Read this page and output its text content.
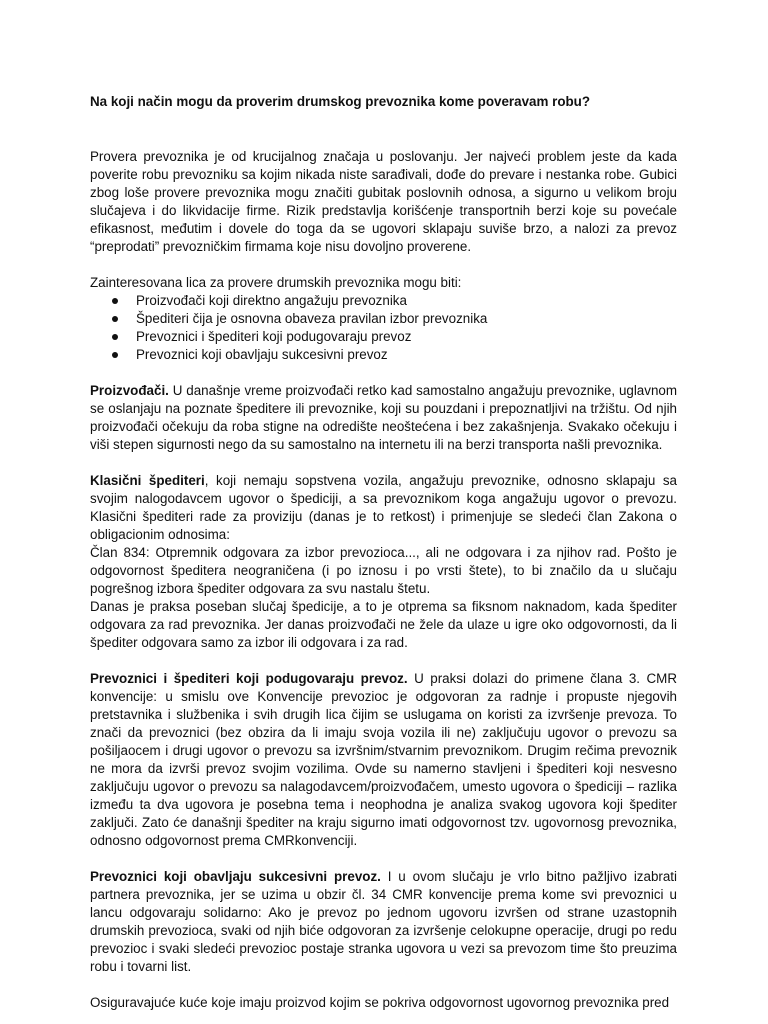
Na koji način mogu da proverim drumskog prevoznika kome poveravam robu?

Provera prevoznika je od krucijalnog značaja u poslovanju. Jer najveći problem jeste da kada poverite robu prevozniku sa kojim nikada niste sarađivali, dođe do prevare i nestanka robe. Gubici zbog loše provere prevoznika mogu značiti gubitak poslovnih odnosa, a sigurno u velikom broju slučajeva i do likvidacije firme. Rizik predstavlja korišćenje transportnih berzi koje su povećale efikasnost, međutim i dovele do toga da se ugovori sklapaju suviše brzo, a nalozi za prevoz “preprodati” prevozničkim firmama koje nisu dovoljno proverene.

Zainteresovana lica za provere drumskih prevoznika mogu biti:

Proizvođači koji direktno angažuju prevoznika
Špediteri čija je osnovna obaveza pravilan izbor prevoznika
Prevoznici i špediteri koji podugovaraju prevoz
Prevoznici koji obavljaju sukcesivni prevoz

Proizvođači. U današnje vreme proizvođači retko kad samostalno angažuju prevoznike, uglavnom se oslanjaju na poznate špeditere ili prevoznike, koji su pouzdani i prepoznatljivi na tržištu. Od njih proizvođači očekuju da roba stigne na odredište neoštećena i bez zakašnjenja. Svakako očekuju i viši stepen sigurnosti nego da su samostalno na internetu ili na berzi transporta našli prevoznika.

Klasični špediteri, koji nemaju sopstvena vozila, angažuju prevoznike, odnosno sklapaju sa svojim nalogodavcem ugovor o špediciji, a sa prevoznikom koga angažuju ugovor o prevozu. Klasični špediteri rade za proviziju (danas je to retkost) i primenjuje se sledeći član Zakona o obligacionim odnosima:

Član 834: Otpremnik odgovara za izbor prevozioca..., ali ne odgovara i za njihov rad. Pošto je odgovornost špeditera neograničena (i po iznosu i po vrsti štete), to bi značilo da u slučaju pogrešnog izbora špediter odgovara za svu nastalu štetu.

Danas je praksa poseban slučaj špedicije, a to je otprema sa fiksnom naknadom, kada špediter odgovara za rad prevoznika. Jer danas proizvođači ne žele da ulaze u igre oko odgovornosti, da li špediter odgovara samo za izbor ili odgovara i za rad.

Prevoznici i špediteri koji podugovaraju prevoz. U praksi dolazi do primene člana 3. CMR konvencije: u smislu ove Konvencije prevozioc je odgovoran za radnje i propuste njegovih pretstavnika i službenika i svih drugih lica čijim se uslugama on koristi za izvršenje prevoza. To znači da prevoznici (bez obzira da li imaju svoja vozila ili ne) zaključuju ugovor o prevozu sa pošiljaocem i drugi ugovor o prevozu sa izvršnim/stvarnim prevoznikom. Drugim rečima prevoznik ne mora da izvrši prevoz svojim vozilima. Ovde su namerno stavljeni i špediteri koji nesvesno zaključuju ugovor o prevozu sa nalagodavcem/proizvođačem, umesto ugovora o špediciji – razlika između ta dva ugovora je posebna tema i neophodna je analiza svakog ugovora koji špediter zaključi. Zato će današnji špediter na kraju sigurno imati odgovornost tzv. ugovornosg prevoznika, odnosno odgovornost prema CMRkonvenciji.

Prevoznici koji obavljaju sukcesivni prevoz. I u ovom slučaju je vrlo bitno pažljivo izabrati partnera prevoznika, jer se uzima u obzir čl. 34 CMR konvencije prema kome svi prevoznici u lancu odgovaraju solidarno: Ako je prevoz po jednom ugovoru izvršen od strane uzastopnih drumskih prevozioca, svaki od njih biće odgovoran za izvršenje celokupne operacije, drugi po redu prevozioc i svaki sledeći prevozioc postaje stranka ugovora u vezi sa prevozom time što preuzima robu i tovarni list.

Osiguravajuće kuće koje imaju proizvod kojim se pokriva odgovornost ugovornog prevoznika pred
